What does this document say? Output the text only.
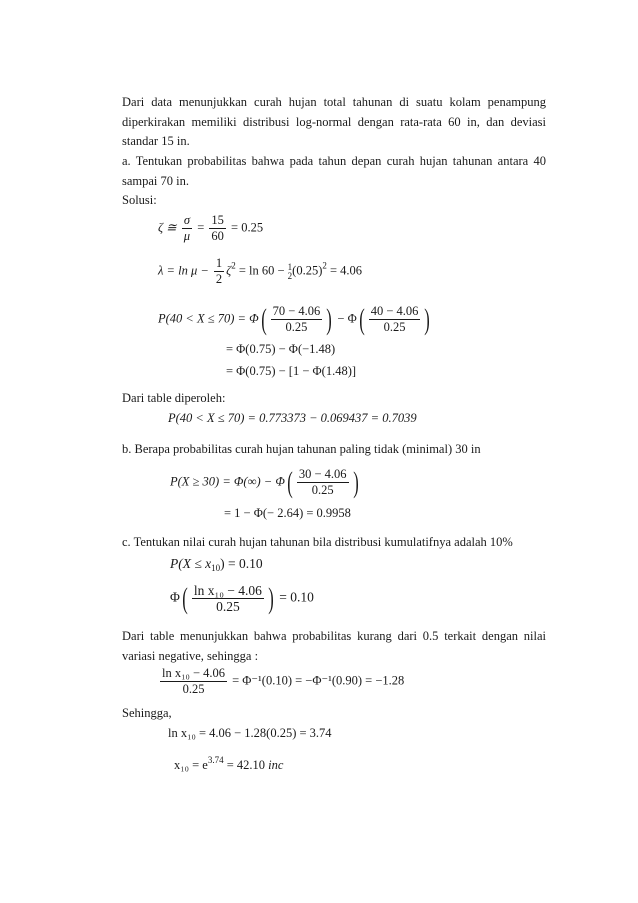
Dari data menunjukkan curah hujan total tahunan di suatu kolam penampung diperkirakan memiliki distribusi log-normal dengan rata-rata 60 in, dan deviasi standar 15 in.

a. Tentukan probabilitas bahwa pada tahun depan curah hujan tahunan antara 40 sampai 70 in.

Solusi:
ζ ≅ $\frac{\sigma}{\mu} = \frac{15}{60} = 0.25$
$\lambda = \ln \mu - \frac{1}{2} \zeta^2 = \ln 60 - 1$
$2(0.25)^2 = 4.06$
$P(40 < X \le 70) = \Phi( \frac{70 - 4.06}{0.25}$ ) − $\Phi( \frac{40 - 4.06}{0.25}$ )
= Φ(0.75) − Φ(−1.48)
= Φ(0.75) − [1 − Φ(1.48)]
Dari table diperoleh:
P(40 < X ≤ 70) = 0.773373 − 0.069437 = 0.7039
b. Berapa probabilitas curah hujan tahunan paling tidak (minimal) 30 in
$P(X \ge 30) = \Phi(\infty) - \Phi( \frac{30 - 4.06}{0.25}$ )
= 1 − Φ(− 2.64) = 0.9958
c. Tentukan nilai curah hujan tahunan bila distribusi kumulatifnya adalah 10%
$P(X \le x_{10}) = 0.10$
$\Phi( \frac{\text{ln x₁₀ − 4.06}}{0.25}$ ) = 0.10

Dari table menunjukkan bahwa probabilitas kurang dari 0.5 terkait dengan nilai variasi negative, sehingga :

$\frac{\text{ln x₁₀ − 4.06}}{0.25} = \Phi^{-1}(0.10) = -\Phi^{-1}(0.90) = -1.28$
Sehingga,
ln x₁₀ = 4.06 − 1.28(0.25) = 3.74
$x_{10} = e^{3.74} = 42.10$ inc
